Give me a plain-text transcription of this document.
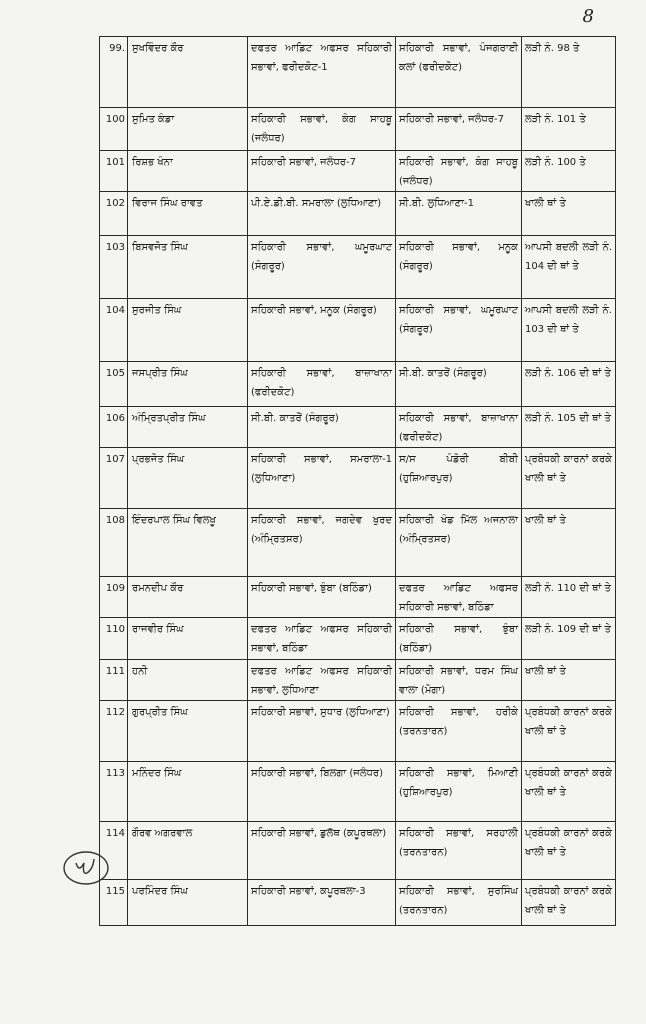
8
99.	ਸੁਖਵਿੰਦਰ ਕੌਰ	ਦਫਤਰ ਆਡਿਟ ਅਫਸਰ ਸਹਿਕਾਰੀ ਸਭਾਵਾਂ, ਫਰੀਦਕੋਟ-1	ਸਹਿਕਾਰੀ ਸਭਾਵਾਂ, ਪੰਜਗਰਾਈ ਕਲਾਂ (ਫਰੀਦਕੋਟ)	ਲੜੀ ਨੰ. 98 ਤੇ
100	ਸੁਮਿਤ ਕੰਡਾ	ਸਹਿਕਾਰੀ ਸਭਾਵਾਂ, ਕੰਗ ਸਾਹਬੂ (ਜਲੰਧਰ)	ਸਹਿਕਾਰੀ ਸਭਾਵਾਂ, ਜਲੰਧਰ-7	ਲੜੀ ਨੰ. 101 ਤੇ
101	ਰਿਸ਼ਭ ਖੰਨਾ	ਸਹਿਕਾਰੀ ਸਭਾਵਾਂ, ਜਲੰਧਰ-7	ਸਹਿਕਾਰੀ ਸਭਾਵਾਂ, ਕੰਗ ਸਾਹਬੂ (ਜਲੰਧਰ)	ਲੜੀ ਨੰ. 100 ਤੇ
102	ਵਿਰਾਜ ਸਿੰਘ ਰਾਵਤ	ਪੀ.ਏ.ਡੀ.ਬੀ. ਸਮਰਾਲਾ (ਲੁਧਿਆਣਾ)	ਸੀ.ਬੀ. ਲੁਧਿਆਣਾ-1	ਖਾਲੀ ਥਾਂ ਤੇ
103	ਬਿਸਵਜੋਤ ਸਿੰਘ	ਸਹਿਕਾਰੀ ਸਭਾਵਾਂ, ਘਮੂਰਘਾਟ (ਸੰਗਰੂਰ)	ਸਹਿਕਾਰੀ ਸਭਾਵਾਂ, ਮਨੂਕ (ਸੰਗਰੂਰ)	ਆਪਸੀ ਬਦਲੀ ਲੜੀ ਨੰ. 104 ਦੀ ਥਾਂ ਤੇ
104	ਸੁਰਜੀਤ ਸਿੰਘ	ਸਹਿਕਾਰੀ ਸਭਾਵਾਂ, ਮਨੂਕ (ਸੰਗਰੂਰ)	ਸਹਿਕਾਰੀ ਸਭਾਵਾਂ, ਘਮੂਰਘਾਟ (ਸੰਗਰੂਰ)	ਆਪਸੀ ਬਦਲੀ ਲੜੀ ਨੰ. 103 ਦੀ ਥਾਂ ਤੇ
105	ਜਸਪ੍ਰੀਤ ਸਿੰਘ	ਸਹਿਕਾਰੀ ਸਭਾਵਾਂ, ਬਾਜ਼ਾਖਾਨਾ (ਫਰੀਦਕੋਟ)	ਸੀ.ਬੀ. ਕਾਤਰੋਂ (ਸੰਗਰੂਰ)	ਲੜੀ ਨੰ. 106 ਦੀ ਥਾਂ ਤੇ
106	ਅੰਮ੍ਰਿਤਪ੍ਰੀਤ ਸਿੰਘ	ਸੀ.ਬੀ. ਕਾਤਰੋਂ (ਸੰਗਰੂਰ)	ਸਹਿਕਾਰੀ ਸਭਾਵਾਂ, ਬਾਜ਼ਾਖਾਨਾ (ਫਰੀਦਕੋਟ)	ਲੜੀ ਨੰ. 105 ਦੀ ਥਾਂ ਤੇ
107	ਪ੍ਰਭਜੋਤ ਸਿੰਘ	ਸਹਿਕਾਰੀ ਸਭਾਵਾਂ, ਸਮਰਾਲਾ-1 (ਲੁਧਿਆਣਾ)	ਸ/ਸ ਪੰਡੋਰੀ ਬੀਬੀ (ਹੁਸ਼ਿਆਰਪੁਰ)	ਪ੍ਰਬੰਧਕੀ ਕਾਰਨਾਂ ਕਰਕੇ ਖਾਲੀ ਥਾਂ ਤੇ
108	ਇੰਦਰਪਾਲ ਸਿੰਘ ਵਿਲਖੂ	ਸਹਿਕਾਰੀ ਸਭਾਵਾਂ, ਜਗਦੇਵ ਖੁਰਦ (ਅੰਮ੍ਰਿਤਸਰ)	ਸਹਿਕਾਰੀ ਖੰਡ ਮਿੱਲ ਅਜਨਾਲਾ (ਅੰਮ੍ਰਿਤਸਰ)	ਖਾਲੀ ਥਾਂ ਤੇ
109	ਰਮਨਦੀਪ ਕੌਰ	ਸਹਿਕਾਰੀ ਸਭਾਵਾਂ, ਝੁੰਬਾ (ਬਠਿੰਡਾ)	ਦਫਤਰ ਆਡਿਟ ਅਫਸਰ ਸਹਿਕਾਰੀ ਸਭਾਵਾਂ, ਬਠਿੰਡਾ	ਲੜੀ ਨੰ. 110 ਦੀ ਥਾਂ ਤੇ
110	ਰਾਜਵੀਰ ਸਿੰਘ	ਦਫਤਰ ਆਡਿਟ ਅਫਸਰ ਸਹਿਕਾਰੀ ਸਭਾਵਾਂ, ਬਠਿੰਡਾ	ਸਹਿਕਾਰੀ ਸਭਾਵਾਂ, ਝੁੰਬਾ (ਬਠਿੰਡਾ)	ਲੜੀ ਨੰ. 109 ਦੀ ਥਾਂ ਤੇ
111	ਹਨੀ	ਦਫਤਰ ਆਡਿਟ ਅਫਸਰ ਸਹਿਕਾਰੀ ਸਭਾਵਾਂ, ਲੁਧਿਆਣਾ	ਸਹਿਕਾਰੀ ਸਭਾਵਾਂ, ਧਰਮ ਸਿੰਘ ਵਾਲਾ (ਮੋਗਾ)	ਖਾਲੀ ਥਾਂ ਤੇ
112	ਗੁਰਪ੍ਰੀਤ ਸਿੰਘ	ਸਹਿਕਾਰੀ ਸਭਾਵਾਂ, ਸੁਧਾਰ (ਲੁਧਿਆਣਾ)	ਸਹਿਕਾਰੀ ਸਭਾਵਾਂ, ਹਰੀਕੇ (ਤਰਨਤਾਰਨ)	ਪ੍ਰਬੰਧਕੀ ਕਾਰਨਾਂ ਕਰਕੇ ਖਾਲੀ ਥਾਂ ਤੇ
113	ਮਨਿੰਦਰ ਸਿੰਘ	ਸਹਿਕਾਰੀ ਸਭਾਵਾਂ, ਬਿਲਗਾ (ਜਲੰਧਰ)	ਸਹਿਕਾਰੀ ਸਭਾਵਾਂ, ਮਿਆਣੀ (ਹੁਸ਼ਿਆਰਪੁਰ)	ਪ੍ਰਬੰਧਕੀ ਕਾਰਨਾਂ ਕਰਕੇ ਖਾਲੀ ਥਾਂ ਤੇ
114	ਗੌਰਵ ਅਗਰਵਾਲ	ਸਹਿਕਾਰੀ ਸਭਾਵਾਂ, ਡੁਲੱਥ (ਕਪੂਰਥਲਾ)	ਸਹਿਕਾਰੀ ਸਭਾਵਾਂ, ਸਰਹਾਲੀ (ਤਰਨਤਾਰਨ)	ਪ੍ਰਬੰਧਕੀ ਕਾਰਨਾਂ ਕਰਕੇ ਖਾਲੀ ਥਾਂ ਤੇ
115	ਪਰਮਿੰਦਰ ਸਿੰਘ	ਸਹਿਕਾਰੀ ਸਭਾਵਾਂ, ਕਪੂਰਥਲਾ-3	ਸਹਿਕਾਰੀ ਸਭਾਵਾਂ, ਸੁਰਸਿੰਘ (ਤਰਨਤਾਰਨ)	ਪ੍ਰਬੰਧਕੀ ਕਾਰਨਾਂ ਕਰਕੇ ਖਾਲੀ ਥਾਂ ਤੇ
